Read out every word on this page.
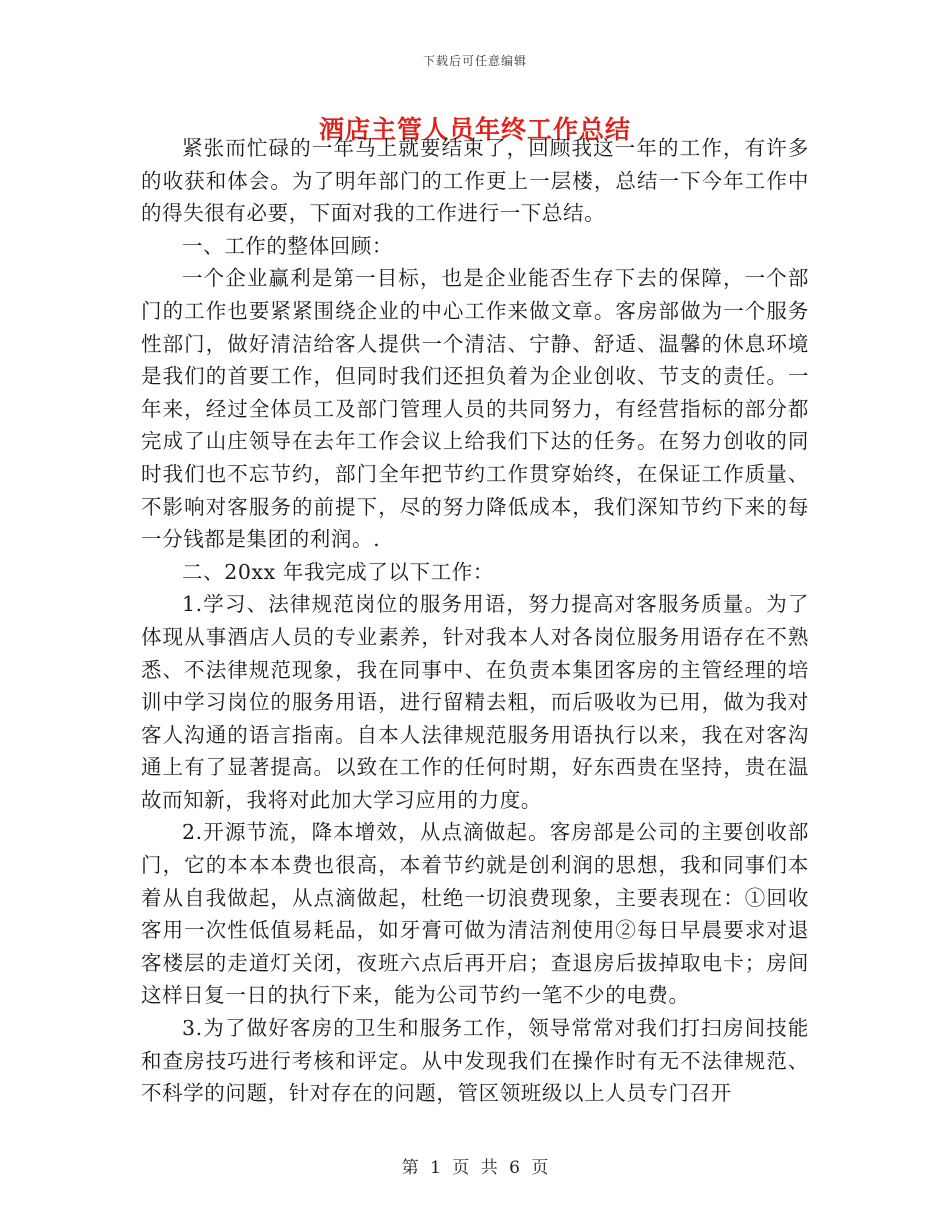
下载后可任意编辑
酒店主管人员年终工作总结

紧张而忙碌的一年马上就要结束了，回顾我这一年的工作，有许多的收获和体会。为了明年部门的工作更上一层楼，总结一下今年工作中的得失很有必要，下面对我的工作进行一下总结。

一、工作的整体回顾：

一个企业赢利是第一目标，也是企业能否生存下去的保障，一个部门的工作也要紧紧围绕企业的中心工作来做文章。客房部做为一个服务性部门，做好清洁给客人提供一个清洁、宁静、舒适、温馨的休息环境是我们的首要工作，但同时我们还担负着为企业创收、节支的责任。一年来，经过全体员工及部门管理人员的共同努力，有经营指标的部分都完成了山庄领导在去年工作会议上给我们下达的任务。在努力创收的同时我们也不忘节约，部门全年把节约工作贯穿始终，在保证工作质量、不影响对客服务的前提下，尽的努力降低成本，我们深知节约下来的每一分钱都是集团的利润。.

二、20xx 年我完成了以下工作：

1.学习、法律规范岗位的服务用语，努力提高对客服务质量。为了体现从事酒店人员的专业素养，针对我本人对各岗位服务用语存在不熟悉、不法律规范现象，我在同事中、在负责本集团客房的主管经理的培训中学习岗位的服务用语，进行留精去粗，而后吸收为已用，做为我对客人沟通的语言指南。自本人法律规范服务用语执行以来，我在对客沟通上有了显著提高。以致在工作的任何时期，好东西贵在坚持，贵在温故而知新，我将对此加大学习应用的力度。

2.开源节流，降本增效，从点滴做起。客房部是公司的主要创收部门，它的本本本费也很高，本着节约就是创利润的思想，我和同事们本着从自我做起，从点滴做起，杜绝一切浪费现象，主要表现在：①回收客用一次性低值易耗品，如牙膏可做为清洁剂使用②每日早晨要求对退客楼层的走道灯关闭，夜班六点后再开启；查退房后拔掉取电卡；房间这样日复一日的执行下来，能为公司节约一笔不少的电费。

3.为了做好客房的卫生和服务工作，领导常常对我们打扫房间技能和查房技巧进行考核和评定。从中发现我们在操作时有无不法律规范、不科学的问题，针对存在的问题，管区领班级以上人员专门召开

第 1 页 共 6 页
